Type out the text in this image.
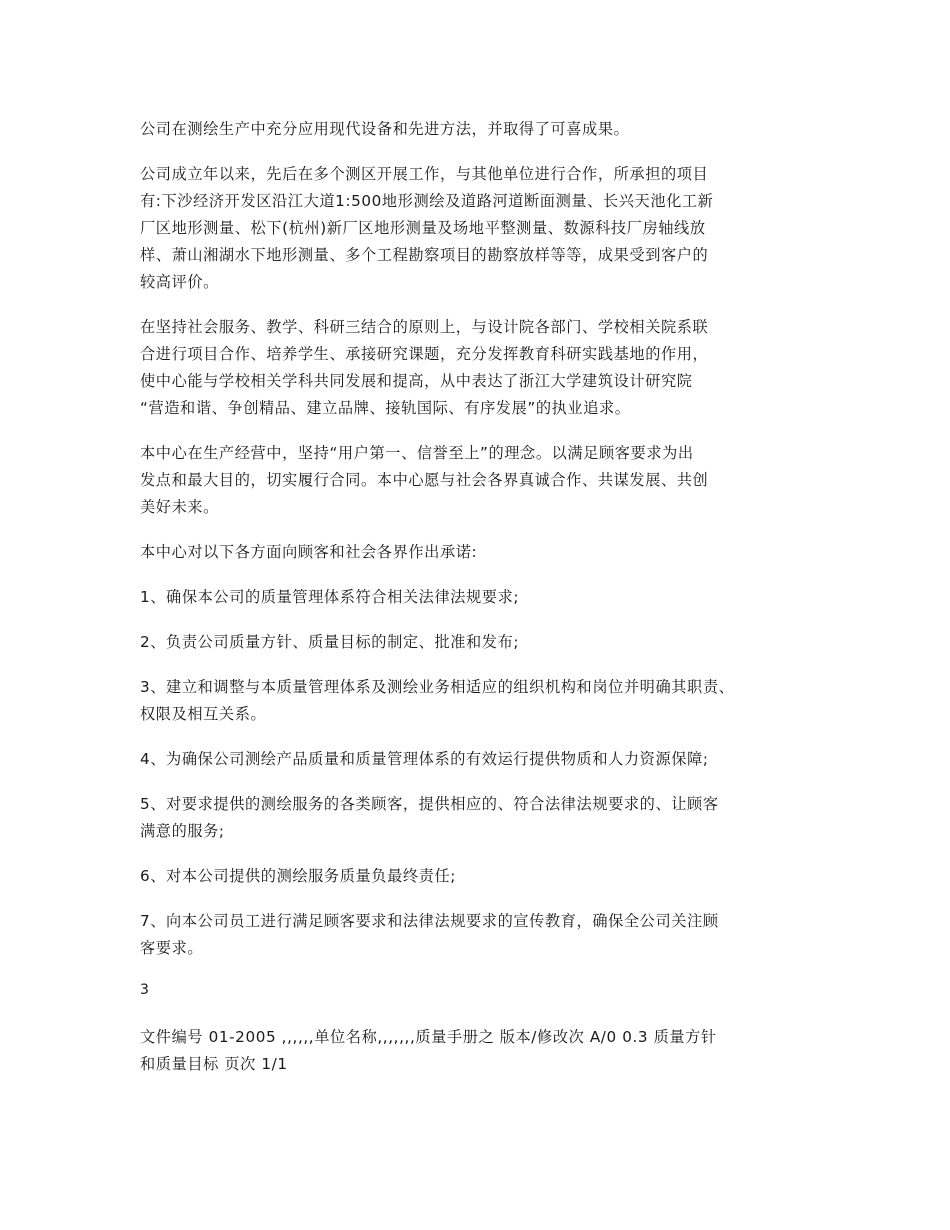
公司在测绘生产中充分应用现代设备和先进方法，并取得了可喜成果。

公司成立年以来，先后在多个测区开展工作，与其他单位进行合作，所承担的项目
有:下沙经济开发区沿江大道1:500地形测绘及道路河道断面测量、长兴天池化工新
厂区地形测量、松下(杭州)新厂区地形测量及场地平整测量、数源科技厂房轴线放
样、萧山湘湖水下地形测量、多个工程勘察项目的勘察放样等等，成果受到客户的
较高评价。

在坚持社会服务、教学、科研三结合的原则上，与设计院各部门、学校相关院系联
合进行项目合作、培养学生、承接研究课题，充分发挥教育科研实践基地的作用，
使中心能与学校相关学科共同发展和提高，从中表达了浙江大学建筑设计研究院
“营造和谐、争创精品、建立品牌、接轨国际、有序发展”的执业追求。

本中心在生产经营中，坚持“用户第一、信誉至上”的理念。以满足顾客要求为出
发点和最大目的，切实履行合同。本中心愿与社会各界真诚合作、共谋发展、共创
美好未来。

本中心对以下各方面向顾客和社会各界作出承诺:

1、确保本公司的质量管理体系符合相关法律法规要求;

2、负责公司质量方针、质量目标的制定、批准和发布;

3、建立和调整与本质量管理体系及测绘业务相适应的组织机构和岗位并明确其职责、
权限及相互关系。

4、为确保公司测绘产品质量和质量管理体系的有效运行提供物质和人力资源保障;

5、对要求提供的测绘服务的各类顾客，提供相应的、符合法律法规要求的、让顾客
满意的服务;

6、对本公司提供的测绘服务质量负最终责任;

7、向本公司员工进行满足顾客要求和法律法规要求的宣传教育，确保全公司关注顾
客要求。

3

文件编号 01-2005 ,,,,,,单位名称,,,,,,,质量手册之 版本/修改次 A/0 0.3 质量方针
和质量目标 页次 1/1
